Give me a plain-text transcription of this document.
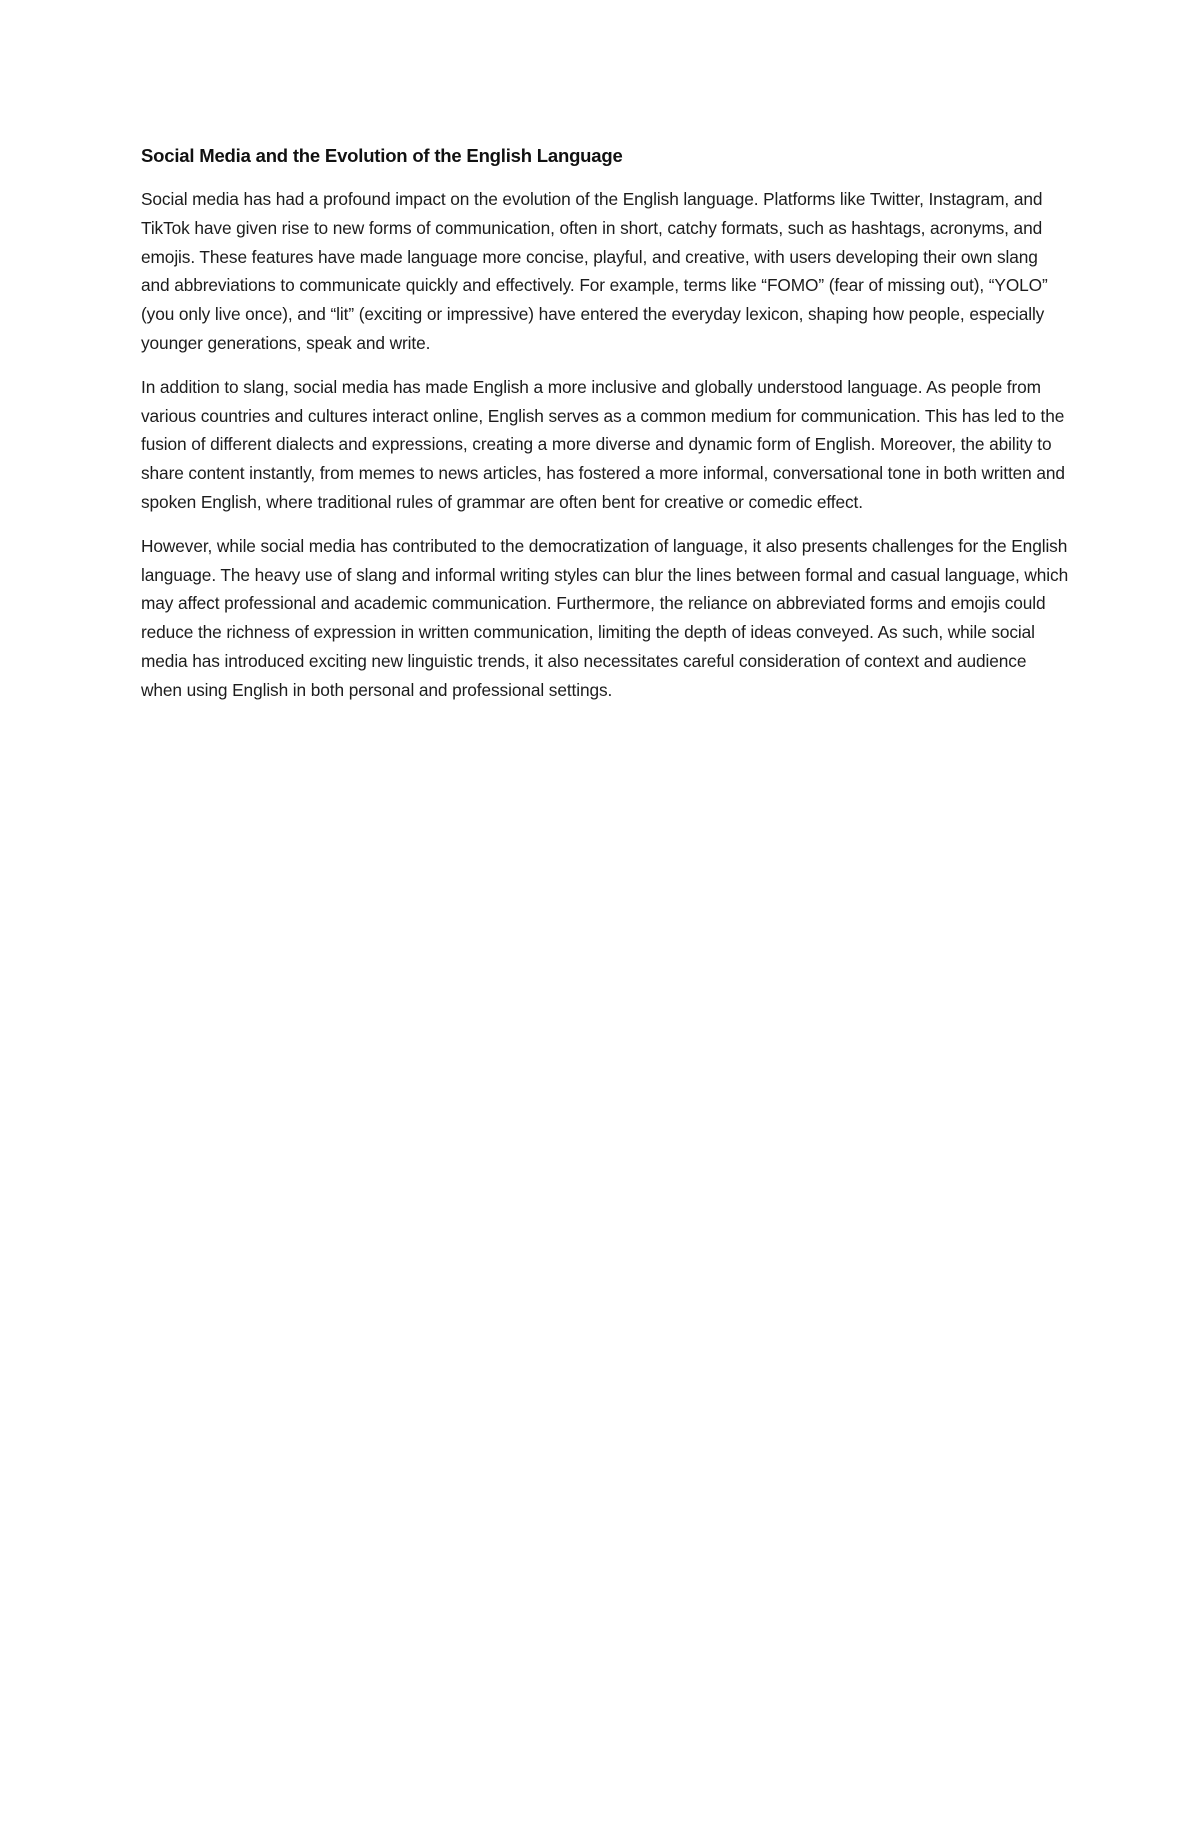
Social Media and the Evolution of the English Language

Social media has had a profound impact on the evolution of the English language. Platforms like Twitter, Instagram, and TikTok have given rise to new forms of communication, often in short, catchy formats, such as hashtags, acronyms, and emojis. These features have made language more concise, playful, and creative, with users developing their own slang and abbreviations to communicate quickly and effectively. For example, terms like “FOMO” (fear of missing out), “YOLO” (you only live once), and “lit” (exciting or impressive) have entered the everyday lexicon, shaping how people, especially younger generations, speak and write.

In addition to slang, social media has made English a more inclusive and globally understood language. As people from various countries and cultures interact online, English serves as a common medium for communication. This has led to the fusion of different dialects and expressions, creating a more diverse and dynamic form of English. Moreover, the ability to share content instantly, from memes to news articles, has fostered a more informal, conversational tone in both written and spoken English, where traditional rules of grammar are often bent for creative or comedic effect.

However, while social media has contributed to the democratization of language, it also presents challenges for the English language. The heavy use of slang and informal writing styles can blur the lines between formal and casual language, which may affect professional and academic communication. Furthermore, the reliance on abbreviated forms and emojis could reduce the richness of expression in written communication, limiting the depth of ideas conveyed. As such, while social media has introduced exciting new linguistic trends, it also necessitates careful consideration of context and audience when using English in both personal and professional settings.
